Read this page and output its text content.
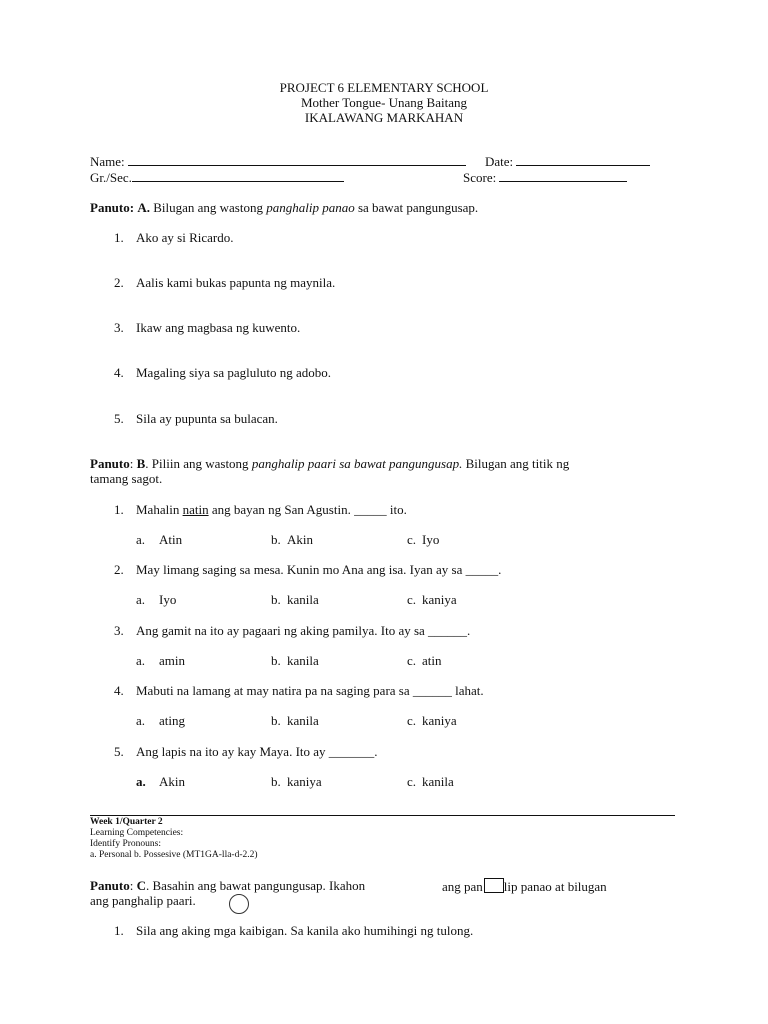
PROJECT 6 ELEMENTARY SCHOOL
Mother Tongue- Unang Baitang
IKALAWANG MARKAHAN
Name:	Date:
Gr./Sec.	Score:
Panuto: A. Bilugan ang wastong panghalip panao sa bawat pangungusap.
1. Ako ay si Ricardo.
2. Aalis kami bukas papunta ng maynila.
3. Ikaw ang magbasa ng kuwento.
4. Magaling siya sa pagluluto ng adobo.
5. Sila ay pupunta sa bulacan.
Panuto: B. Piliin ang wastong panghalip paari sa bawat pangungusap. Bilugan ang titik ng
tamang sagot.
1. Mahalin natin ang bayan ng San Agustin. _____ ito.
a. Atin	b. Akin	c. Iyo
2. May limang saging sa mesa. Kunin mo Ana ang isa. Iyan ay sa _____.
a. Iyo	b. kanila	c. kaniya
3. Ang gamit na ito ay pagaari ng aking pamilya. Ito ay sa ______.
a. amin	b. kanila	c. atin
4. Mabuti na lamang at may natira pa na saging para sa ______ lahat.
a. ating	b. kanila	c. kaniya
5. Ang lapis na ito ay kay Maya. Ito ay _______.
a. Akin	b. kaniya	c. kanila
Week 1/Quarter 2
Learning Competencies:
Identify Pronouns:
a. Personal b. Possesive (MT1GA-lla-d-2.2)
Panuto: C. Basahin ang bawat pangungusap. Ikahon	ang pan lip panao at bilugan
ang panghalip paari.
1. Sila ang aking mga kaibigan. Sa kanila ako humihingi ng tulong.
